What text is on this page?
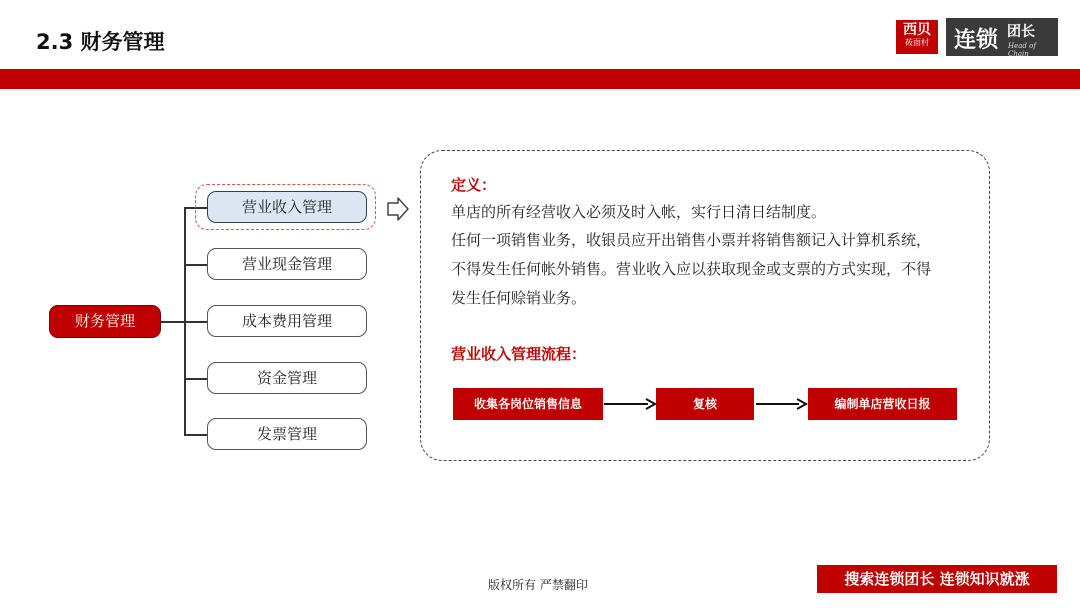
2.3 财务管理	西贝
莜面村	连锁 团长
Head of Chain
财务管理
营业收入管理
营业现金管理
成本费用管理
资金管理
发票管理
定义：
单店的所有经营收入必须及时入帐，实行日清日结制度。
任何一项销售业务，收银员应开出销售小票并将销售额记入计算机系统，
不得发生任何帐外销售。营业收入应以获取现金或支票的方式实现，不得
发生任何赊销业务。
营业收入管理流程：
收集各岗位销售信息	复核	编制单店营收日报
版权所有 严禁翻印	搜索连锁团长 连锁知识就涨
